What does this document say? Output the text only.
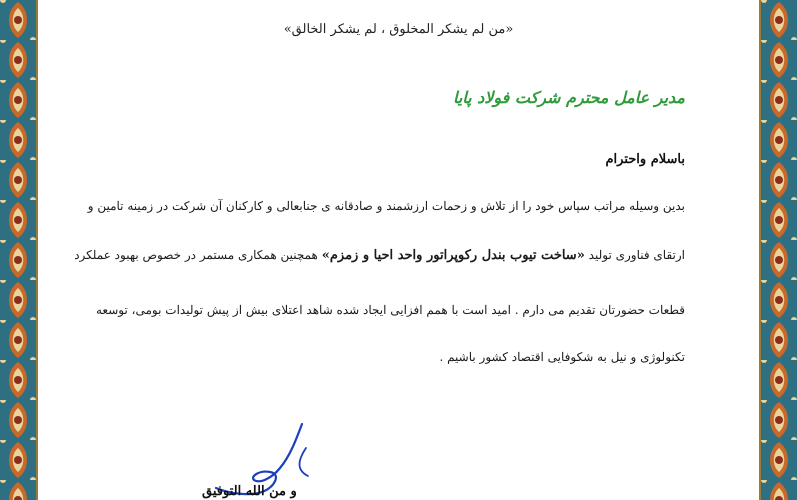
«من لم یشکر المخلوق ، لم یشکر الخالق»
مدیر عامل محترم شرکت فولاد پایا
باسلام واحترام
بدین وسیله مراتب سپاس خود را از تلاش و زحمات ارزشمند و صادقانه ی جنابعالی و کارکنان آن شرکت در زمینه تامین و
ارتقای فناوری تولید «ساخت تیوب بندل رکوپراتور واحد احیا و زمزم» همچنین همکاری مستمر در خصوص بهبود عملکرد
قطعات حضورتان تقدیم می دارم . امید است با همم افزایی ایجاد شده شاهد اعتلای بیش از پیش تولیدات بومی، توسعه
تکنولوژی و نیل به شکوفایی اقتصاد کشور باشیم .
و من الله التوفیق
